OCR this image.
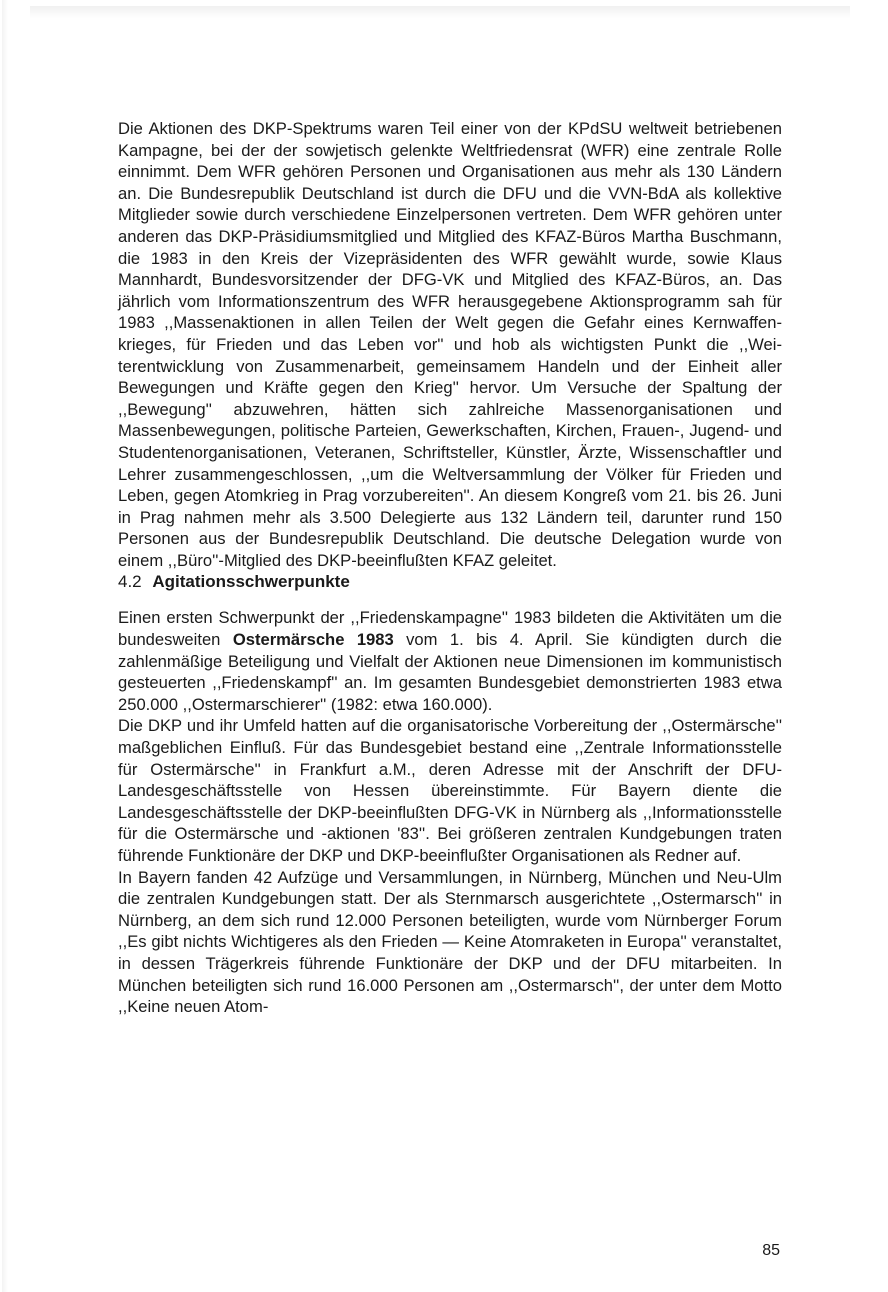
Die Aktionen des DKP-Spektrums waren Teil einer von der KPdSU weltweit betriebenen Kampagne, bei der der sowjetisch gelenkte Weltfriedensrat (WFR) eine zentrale Rolle einnimmt. Dem WFR gehören Personen und Organisationen aus mehr als 130 Ländern an. Die Bundesrepublik Deutschland ist durch die DFU und die VVN-BdA als kollektive Mitglieder sowie durch verschiedene Einzelpersonen vertreten. Dem WFR gehören unter anderen das DKP-Präsidiumsmitglied und Mitglied des KFAZ-Büros Martha Buschmann, die 1983 in den Kreis der Vizepräsidenten des WFR gewählt wurde, sowie Klaus Mannhardt, Bundesvorsitzender der DFG-VK und Mitglied des KFAZ-Büros, an. Das jährlich vom Informationszentrum des WFR herausgegebene Aktionsprogramm sah für 1983 ,,Massenaktionen in allen Teilen der Welt gegen die Gefahr eines Kernwaffenkrieges, für Frieden und das Leben vor'' und hob als wichtigsten Punkt die ,,Weiterentwicklung von Zusammenarbeit, gemeinsamem Handeln und der Einheit aller Bewegungen und Kräfte gegen den Krieg'' hervor. Um Versuche der Spaltung der ,,Bewegung'' abzuwehren, hätten sich zahlreiche Massenorganisationen und Massenbewegungen, politische Parteien, Gewerkschaften, Kirchen, Frauen-, Jugend- und Studentenorganisationen, Veteranen, Schriftsteller, Künstler, Ärzte, Wissenschaftler und Lehrer zusammengeschlossen, ,,um die Weltversammlung der Völker für Frieden und Leben, gegen Atomkrieg in Prag vorzubereiten''. An diesem Kongreß vom 21. bis 26. Juni in Prag nahmen mehr als 3.500 Delegierte aus 132 Ländern teil, darunter rund 150 Personen aus der Bundesrepublik Deutschland. Die deutsche Delegation wurde von einem ,,Büro''-Mitglied des DKP-beeinflußten KFAZ geleitet.

4.2 Agitationsschwerpunkte

Einen ersten Schwerpunkt der ,,Friedenskampagne'' 1983 bildeten die Aktivitäten um die bundesweiten Ostermärsche 1983 vom 1. bis 4. April. Sie kündigten durch die zahlenmäßige Beteiligung und Vielfalt der Aktionen neue Dimensionen im kommunistisch gesteuerten ,,Friedenskampf'' an. Im gesamten Bundesgebiet demonstrierten 1983 etwa 250.000 ,,Ostermarschierer'' (1982: etwa 160.000).

Die DKP und ihr Umfeld hatten auf die organisatorische Vorbereitung der ,,Ostermärsche'' maßgeblichen Einfluß. Für das Bundesgebiet bestand eine ,,Zentrale Informationsstelle für Ostermärsche'' in Frankfurt a.M., deren Adresse mit der Anschrift der DFU-Landesgeschäftsstelle von Hessen übereinstimmte. Für Bayern diente die Landesgeschäftsstelle der DKP-beeinflußten DFG-VK in Nürnberg als ,,Informationsstelle für die Ostermärsche und -aktionen '83''. Bei größeren zentralen Kundgebungen traten führende Funktionäre der DKP und DKP-beeinflußter Organisationen als Redner auf.

In Bayern fanden 42 Aufzüge und Versammlungen, in Nürnberg, München und Neu-Ulm die zentralen Kundgebungen statt. Der als Sternmarsch ausgerichtete ,,Ostermarsch'' in Nürnberg, an dem sich rund 12.000 Personen beteiligten, wurde vom Nürnberger Forum ,,Es gibt nichts Wichtigeres als den Frieden — Keine Atomraketen in Europa'' veranstaltet, in dessen Trägerkreis führende Funktionäre der DKP und der DFU mitarbeiten. In München beteiligten sich rund 16.000 Personen am ,,Ostermarsch'', der unter dem Motto ,,Keine neuen Atom-

85
